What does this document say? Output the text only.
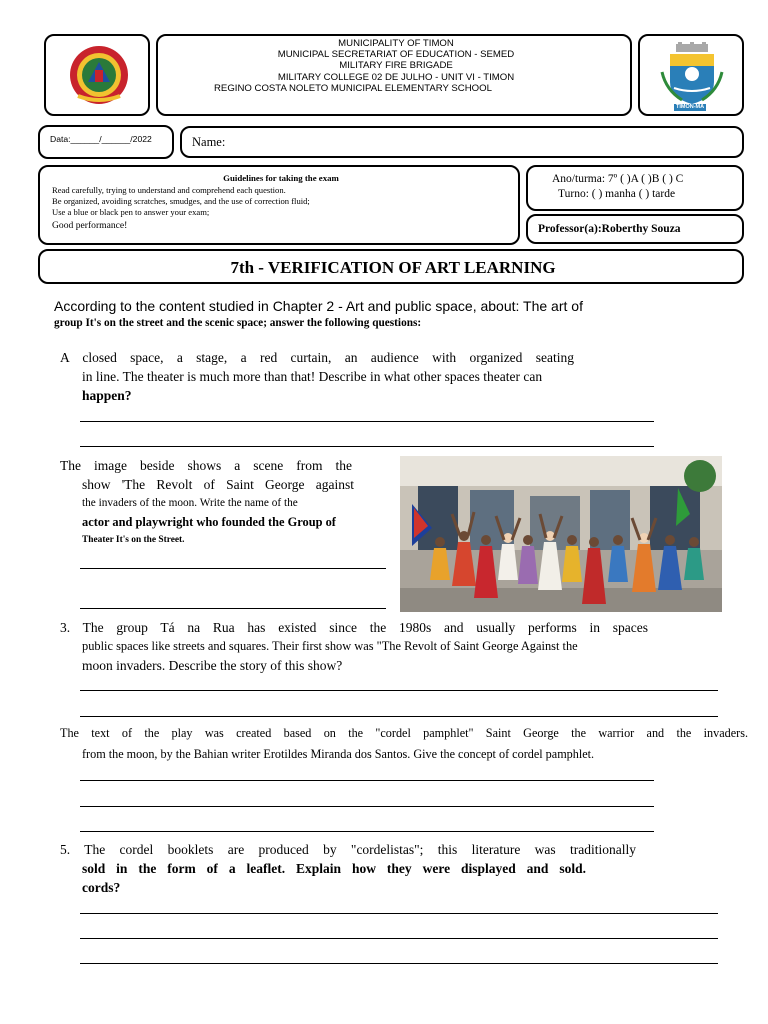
MUNICIPALITY OF TIMON
MUNICIPAL SECRETARIAT OF EDUCATION - SEMED
MILITARY FIRE BRIGADE
MILITARY COLLEGE 02 DE JULHO - UNIT VI - TIMON
REGINO COSTA NOLETO MUNICIPAL ELEMENTARY SCHOOL
TIMON-MA
Data:______/______/2022	Name:
Guidelines for taking the exam
Read carefully, trying to understand and comprehend each question.
Be organized, avoiding scratches, smudges, and the use of correction fluid;
Use a blue or black pen to answer your exam;
Good performance!
Ano/turma: 7º ( )A ( )B ( ) C
Turno: ( ) manha ( ) tarde
Professor(a):Roberthy Souza
7th - VERIFICATION OF ART LEARNING
According to the content studied in Chapter 2 - Art and public space, about: The art of
group It's on the street and the scenic space; answer the following questions:
A closed space, a stage, a red curtain, an audience with organized seating
in line. The theater is much more than that! Describe in what other spaces theater can
happen?
The image beside shows a scene from the
show 'The Revolt of Saint George against
the invaders of the moon. Write the name of the
actor and playwright who founded the Group of
Theater It's on the Street.
3. The group Tá na Rua has existed since the 1980s and usually performs in spaces
public spaces like streets and squares. Their first show was "The Revolt of Saint George Against the
moon invaders. Describe the story of this show?
The text of the play was created based on the "cordel pamphlet" Saint George the warrior and the invaders.
from the moon, by the Bahian writer Erotildes Miranda dos Santos. Give the concept of cordel pamphlet.
5. The cordel booklets are produced by "cordelistas"; this literature was traditionally
sold in the form of a leaflet. Explain how they were displayed and sold.
cords?
